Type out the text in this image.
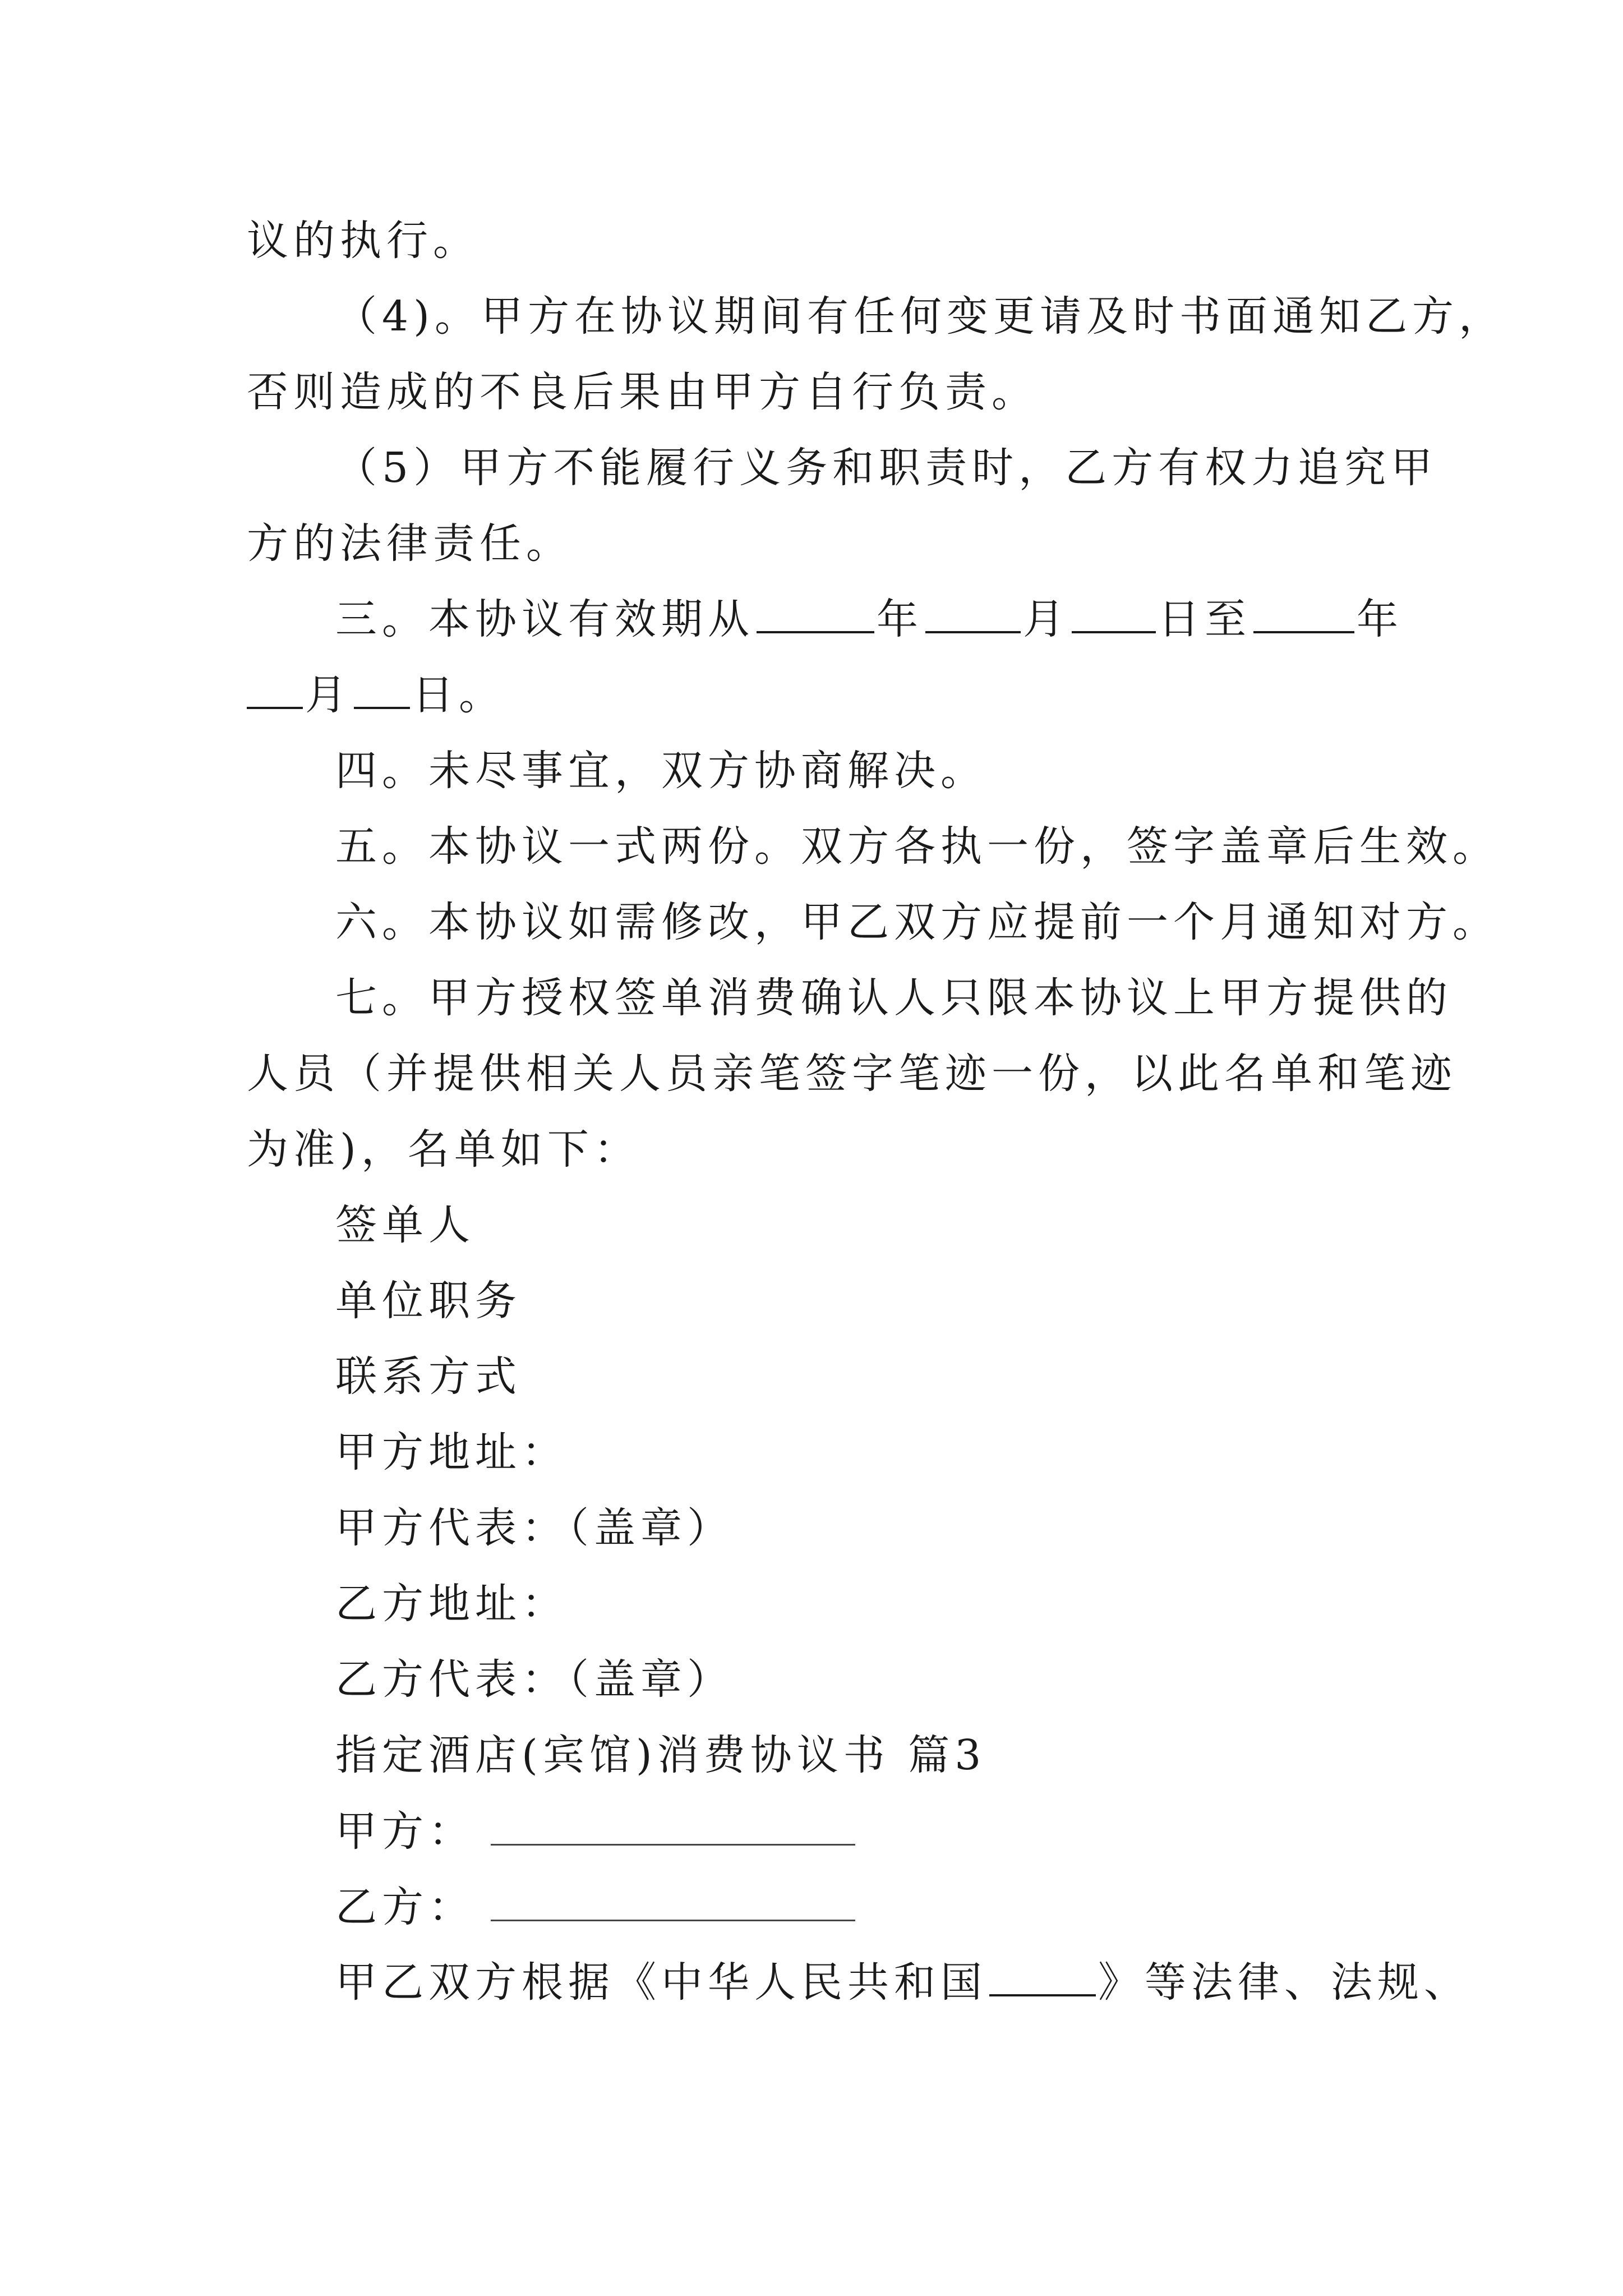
议的执行。
（4)。甲方在协议期间有任何变更请及时书面通知乙方，
否则造成的不良后果由甲方自行负责。
（5）甲方不能履行义务和职责时，乙方有权力追究甲
方的法律责任。
三。本协议有效期从	年 月 日至	年
月 日。
四。未尽事宜，双方协商解决。
五。本协议一式两份。双方各执一份，签字盖章后生效。
六。本协议如需修改，甲乙双方应提前一个月通知对方。
七。甲方授权签单消费确认人只限本协议上甲方提供的
人员（并提供相关人员亲笔签字笔迹一份，以此名单和笔迹
为准)，名单如下：
签单人
单位职务
联系方式
甲方地址：
甲方代表：（盖章）
乙方地址：
乙方代表：（盖章）
指定酒店(宾馆)消费协议书 篇3
甲方：
乙方：
甲乙双方根据《中华人民共和国	》等法律、法规、
